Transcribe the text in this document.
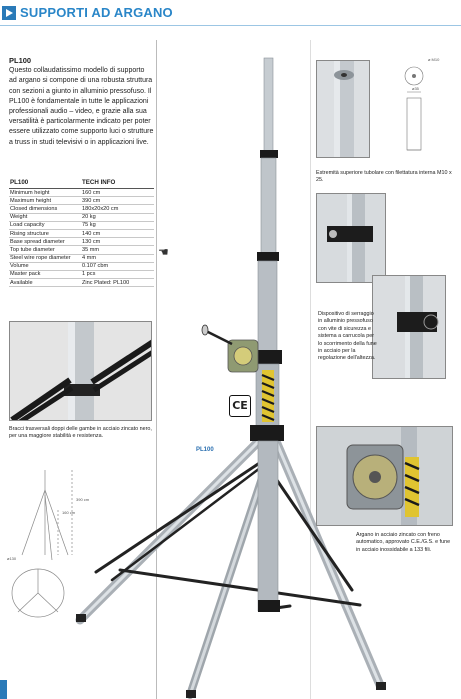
SUPPORTI AD ARGANO
PL100
Questo collaudatissimo modello di supporto ad argano si compone di una robusta struttura con sezioni a giunto in alluminio pressofuso. Il PL100 è fondamentale in tutte le applicazioni professionali audio – video, e grazie alla sua versatilità è particolarmente indicato per poter essere utilizzato come supporto luci o strutture a truss in studi televisivi o in applicazioni live.
PL100	TECH INFO
Minimum height	160 cm
Maximum height	390 cm
Closed dimensions	180x20x20 cm
Weight	20 kg
Load capacity	75 kg
Rising structure	140 cm
Base spread diameter	130 cm
Top tube diameter	35 mm
Steel wire rope diameter	4 mm
Volume	0.107 cbm
Master pack	1 pcs
Available	Zinc Plated: PL100
☚
390 cm
160 cm
ø130
PL100
CE
ø M10
ø35
Estremità superiore tubolare con filettatura interna M10 x 25.
Dispositivo di serraggio in alluminio pressofuso con vite di sicurezza e sistema a carrucola per lo scorrimento della fune in acciaio per la regolazione dell'altezza.
Bracci trasversali doppi delle gambe in acciaio zincato nero, per una maggiore stabilità e resistenza.
Argano in acciaio zincato con freno automatico, approvato C.E./G.S. e fune in acciaio inossidabile a 133 fili.
